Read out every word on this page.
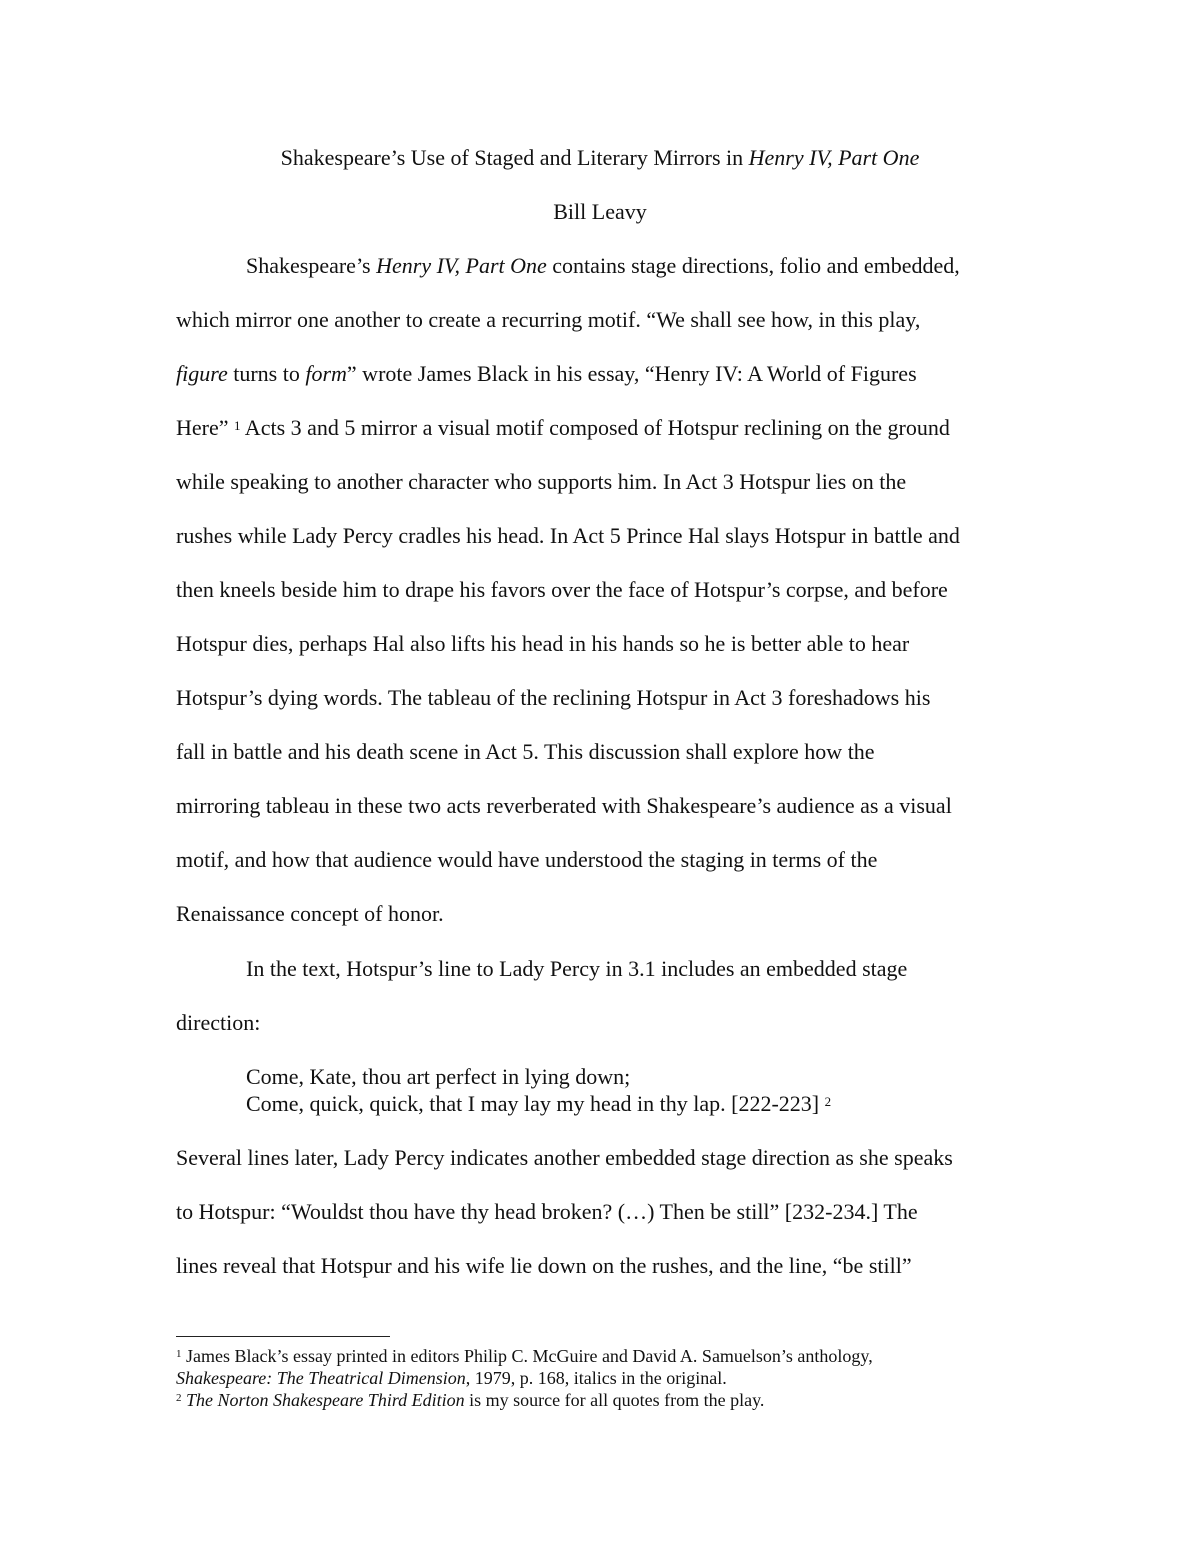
Shakespeare’s Use of Staged and Literary Mirrors in Henry IV, Part One
Bill Leavy
Shakespeare’s Henry IV, Part One contains stage directions, folio and embedded,
which mirror one another to create a recurring motif. “We shall see how, in this play,
figure turns to form” wrote James Black in his essay, “Henry IV: A World of Figures
Here” $^1$ Acts 3 and 5 mirror a visual motif composed of Hotspur reclining on the ground
while speaking to another character who supports him. In Act 3 Hotspur lies on the
rushes while Lady Percy cradles his head. In Act 5 Prince Hal slays Hotspur in battle and
then kneels beside him to drape his favors over the face of Hotspur’s corpse, and before
Hotspur dies, perhaps Hal also lifts his head in his hands so he is better able to hear
Hotspur’s dying words. The tableau of the reclining Hotspur in Act 3 foreshadows his
fall in battle and his death scene in Act 5. This discussion shall explore how the
mirroring tableau in these two acts reverberated with Shakespeare’s audience as a visual
motif, and how that audience would have understood the staging in terms of the
Renaissance concept of honor.
In the text, Hotspur’s line to Lady Percy in 3.1 includes an embedded stage
direction:
Come, Kate, thou art perfect in lying down;
Come, quick, quick, that I may lay my head in thy lap. [222-223] $^2$
Several lines later, Lady Percy indicates another embedded stage direction as she speaks
to Hotspur: “Wouldst thou have thy head broken? (…) Then be still” [232-234.] The
lines reveal that Hotspur and his wife lie down on the rushes, and the line, “be still”
$^1$ James Black’s essay printed in editors Philip C. McGuire and David A. Samuelson’s anthology,
Shakespeare: The Theatrical Dimension, 1979, p. 168, italics in the original.
$^2$ The Norton Shakespeare Third Edition is my source for all quotes from the play.
